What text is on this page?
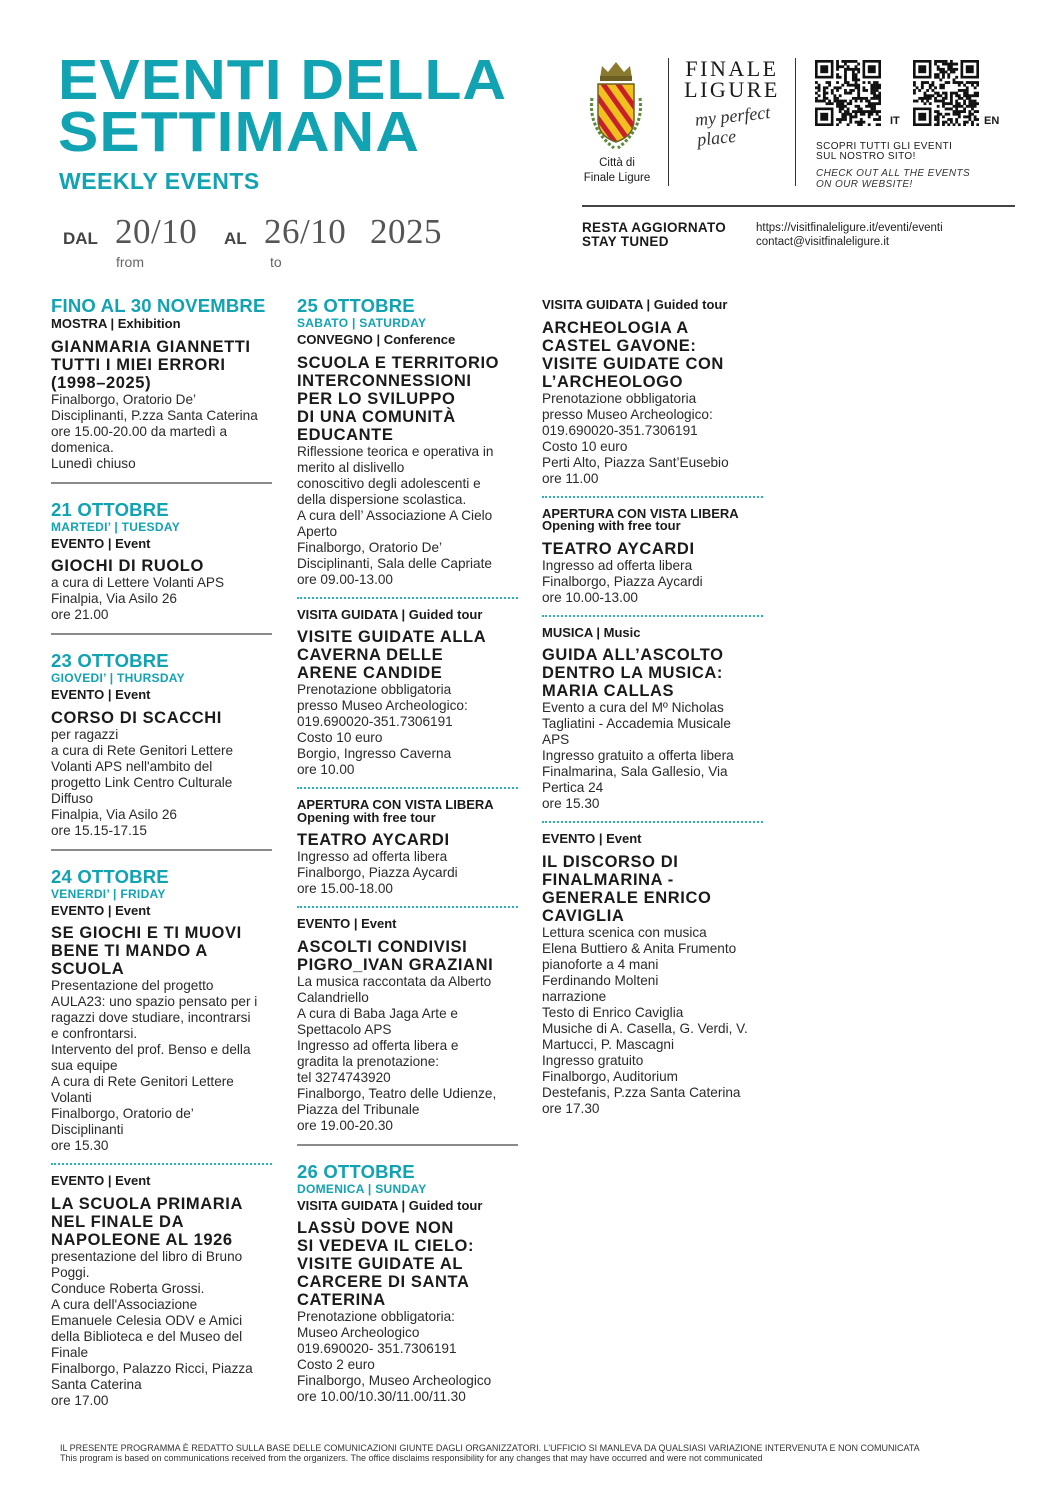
EVENTI DELLA
SETTIMANA
WEEKLY EVENTS
DAL 20/10 AL 26/10 2025
from	to
Città di
Finale Ligure
FINALE
LIGURE
my perfect place
IT	EN
SCOPRI TUTTI GLI EVENTI
SUL NOSTRO SITO!
CHECK OUT ALL THE EVENTS
ON OUR WEBSITE!
RESTA AGGIORNATO
STAY TUNED
https://visitfinaleligure.it/eventi/eventi
contact@visitfinaleligure.it
FINO AL 30 NOVEMBRE
MOSTRA | Exhibition
GIANMARIA GIANNETTI
TUTTI I MIEI ERRORI
(1998–2025)
Finalborgo, Oratorio De’
Disciplinanti, P.zza Santa Caterina
ore 15.00-20.00 da martedì a
domenica.
Lunedì chiuso
21 OTTOBRE
MARTEDI’ | TUESDAY
EVENTO | Event
GIOCHI DI RUOLO
a cura di Lettere Volanti APS
Finalpia, Via Asilo 26
ore 21.00
23 OTTOBRE
GIOVEDI’ | THURSDAY
EVENTO | Event
CORSO DI SCACCHI
per ragazzi
a cura di Rete Genitori Lettere
Volanti APS nell'ambito del
progetto Link Centro Culturale
Diffuso
Finalpia, Via Asilo 26
ore 15.15-17.15
24 OTTOBRE
VENERDI’ | FRIDAY
EVENTO | Event
SE GIOCHI E TI MUOVI
BENE TI MANDO A
SCUOLA
Presentazione del progetto
AULA23: uno spazio pensato per i
ragazzi dove studiare, incontrarsi
e confrontarsi.
Intervento del prof. Benso e della
sua equipe
A cura di Rete Genitori Lettere
Volanti
Finalborgo, Oratorio de’
Disciplinanti
ore 15.30
EVENTO | Event
LA SCUOLA PRIMARIA
NEL FINALE DA
NAPOLEONE AL 1926
presentazione del libro di Bruno
Poggi.
Conduce Roberta Grossi.
A cura dell'Associazione
Emanuele Celesia ODV e Amici
della Biblioteca e del Museo del
Finale
Finalborgo, Palazzo Ricci, Piazza
Santa Caterina
ore 17.00
25 OTTOBRE
SABATO | SATURDAY
CONVEGNO | Conference
SCUOLA E TERRITORIO
INTERCONNESSIONI
PER LO SVILUPPO
DI UNA COMUNITÀ
EDUCANTE
Riflessione teorica e operativa in
merito al dislivello
conoscitivo degli adolescenti e
della dispersione scolastica.
A cura dell’ Associazione A Cielo
Aperto
Finalborgo, Oratorio De’
Disciplinanti, Sala delle Capriate
ore 09.00-13.00
VISITA GUIDATA | Guided tour
VISITE GUIDATE ALLA
CAVERNA DELLE
ARENE CANDIDE
Prenotazione obbligatoria
presso Museo Archeologico:
019.690020-351.7306191
Costo 10 euro
Borgio, Ingresso Caverna
ore 10.00
APERTURA CON VISTA LIBERA
Opening with free tour
TEATRO AYCARDI
Ingresso ad offerta libera
Finalborgo, Piazza Aycardi
ore 15.00-18.00
EVENTO | Event
ASCOLTI CONDIVISI
PIGRO_IVAN GRAZIANI
La musica raccontata da Alberto
Calandriello
A cura di Baba Jaga Arte e
Spettacolo APS
Ingresso ad offerta libera e
gradita la prenotazione:
tel 3274743920
Finalborgo, Teatro delle Udienze,
Piazza del Tribunale
ore 19.00-20.30
26 OTTOBRE
DOMENICA | SUNDAY
VISITA GUIDATA | Guided tour
LASSÙ DOVE NON
SI VEDEVA IL CIELO:
VISITE GUIDATE AL
CARCERE DI SANTA
CATERINA
Prenotazione obbligatoria:
Museo Archeologico
019.690020- 351.7306191
Costo 2 euro
Finalborgo, Museo Archeologico
ore 10.00/10.30/11.00/11.30
VISITA GUIDATA | Guided tour
ARCHEOLOGIA A
CASTEL GAVONE:
VISITE GUIDATE CON
L’ARCHEOLOGO
Prenotazione obbligatoria
presso Museo Archeologico:
019.690020-351.7306191
Costo 10 euro
Perti Alto, Piazza Sant’Eusebio
ore 11.00
APERTURA CON VISTA LIBERA
Opening with free tour
TEATRO AYCARDI
Ingresso ad offerta libera
Finalborgo, Piazza Aycardi
ore 10.00-13.00
MUSICA | Music
GUIDA ALL’ASCOLTO
DENTRO LA MUSICA:
MARIA CALLAS
Evento a cura del Mº Nicholas
Tagliatini - Accademia Musicale
APS
Ingresso gratuito a offerta libera
Finalmarina, Sala Gallesio, Via
Pertica 24
ore 15.30
EVENTO | Event
IL DISCORSO DI
FINALMARINA -
GENERALE ENRICO
CAVIGLIA
Lettura scenica con musica
Elena Buttiero & Anita Frumento
pianoforte a 4 mani
Ferdinando Molteni
narrazione
Testo di Enrico Caviglia
Musiche di A. Casella, G. Verdi, V.
Martucci, P. Mascagni
Ingresso gratuito
Finalborgo, Auditorium
Destefanis, P.zza Santa Caterina
ore 17.30
IL PRESENTE PROGRAMMA È REDATTO SULLA BASE DELLE COMUNICAZIONI GIUNTE DAGLI ORGANIZZATORI. L’UFFICIO SI MANLEVA DA QUALSIASI VARIAZIONE INTERVENUTA E NON COMUNICATA
This program is based on communications received from the organizers. The office disclaims responsibility for any changes that may have occurred and were not communicated
